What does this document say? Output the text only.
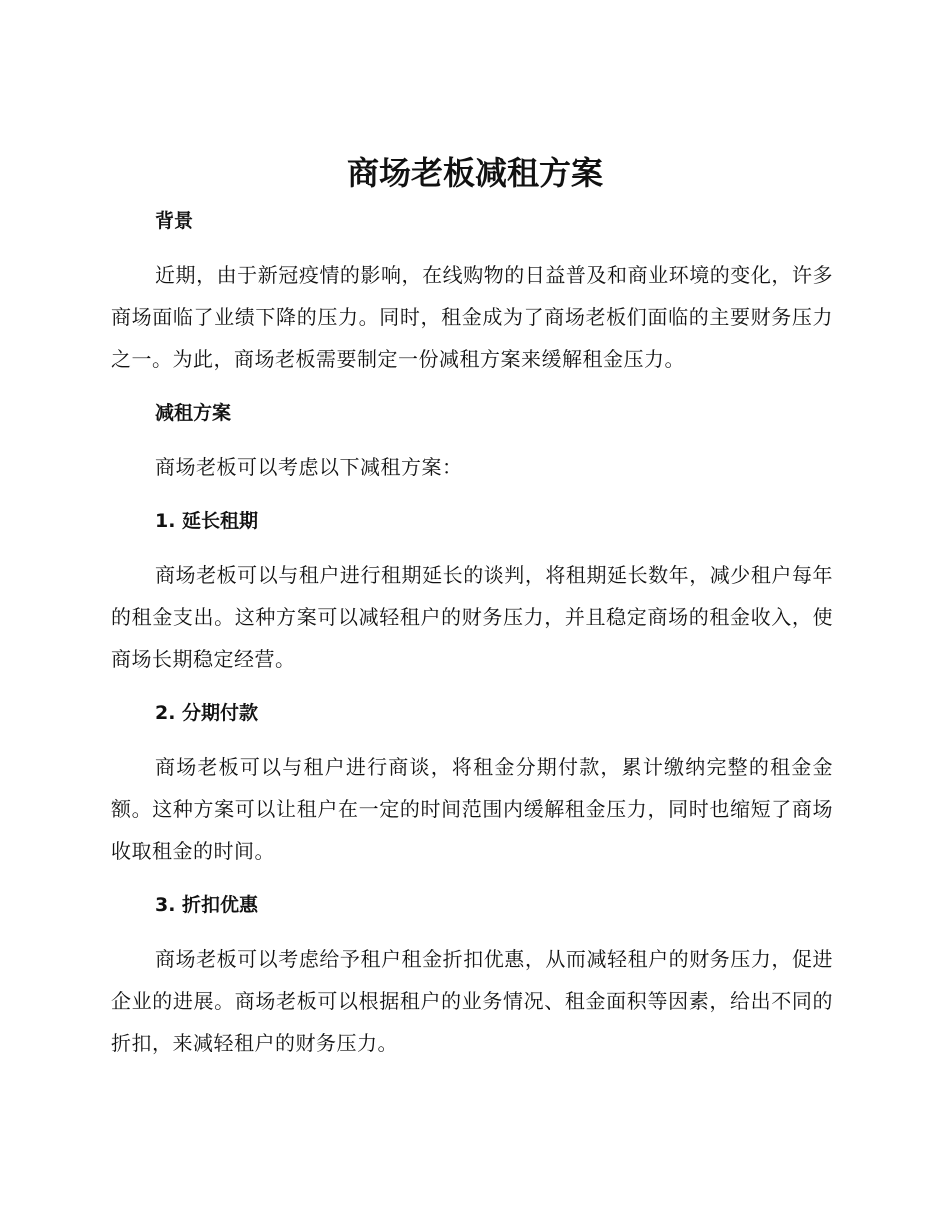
商场老板减租方案
背景

近期，由于新冠疫情的影响，在线购物的日益普及和商业环境的变化，许多商场面临了业绩下降的压力。同时，租金成为了商场老板们面临的主要财务压力之一。为此，商场老板需要制定一份减租方案来缓解租金压力。

减租方案

商场老板可以考虑以下减租方案：

1. 延长租期

商场老板可以与租户进行租期延长的谈判，将租期延长数年，减少租户每年的租金支出。这种方案可以减轻租户的财务压力，并且稳定商场的租金收入，使商场长期稳定经营。

2. 分期付款

商场老板可以与租户进行商谈，将租金分期付款，累计缴纳完整的租金金额。这种方案可以让租户在一定的时间范围内缓解租金压力，同时也缩短了商场收取租金的时间。

3. 折扣优惠

商场老板可以考虑给予租户租金折扣优惠，从而减轻租户的财务压力，促进企业的进展。商场老板可以根据租户的业务情况、租金面积等因素，给出不同的折扣，来减轻租户的财务压力。
